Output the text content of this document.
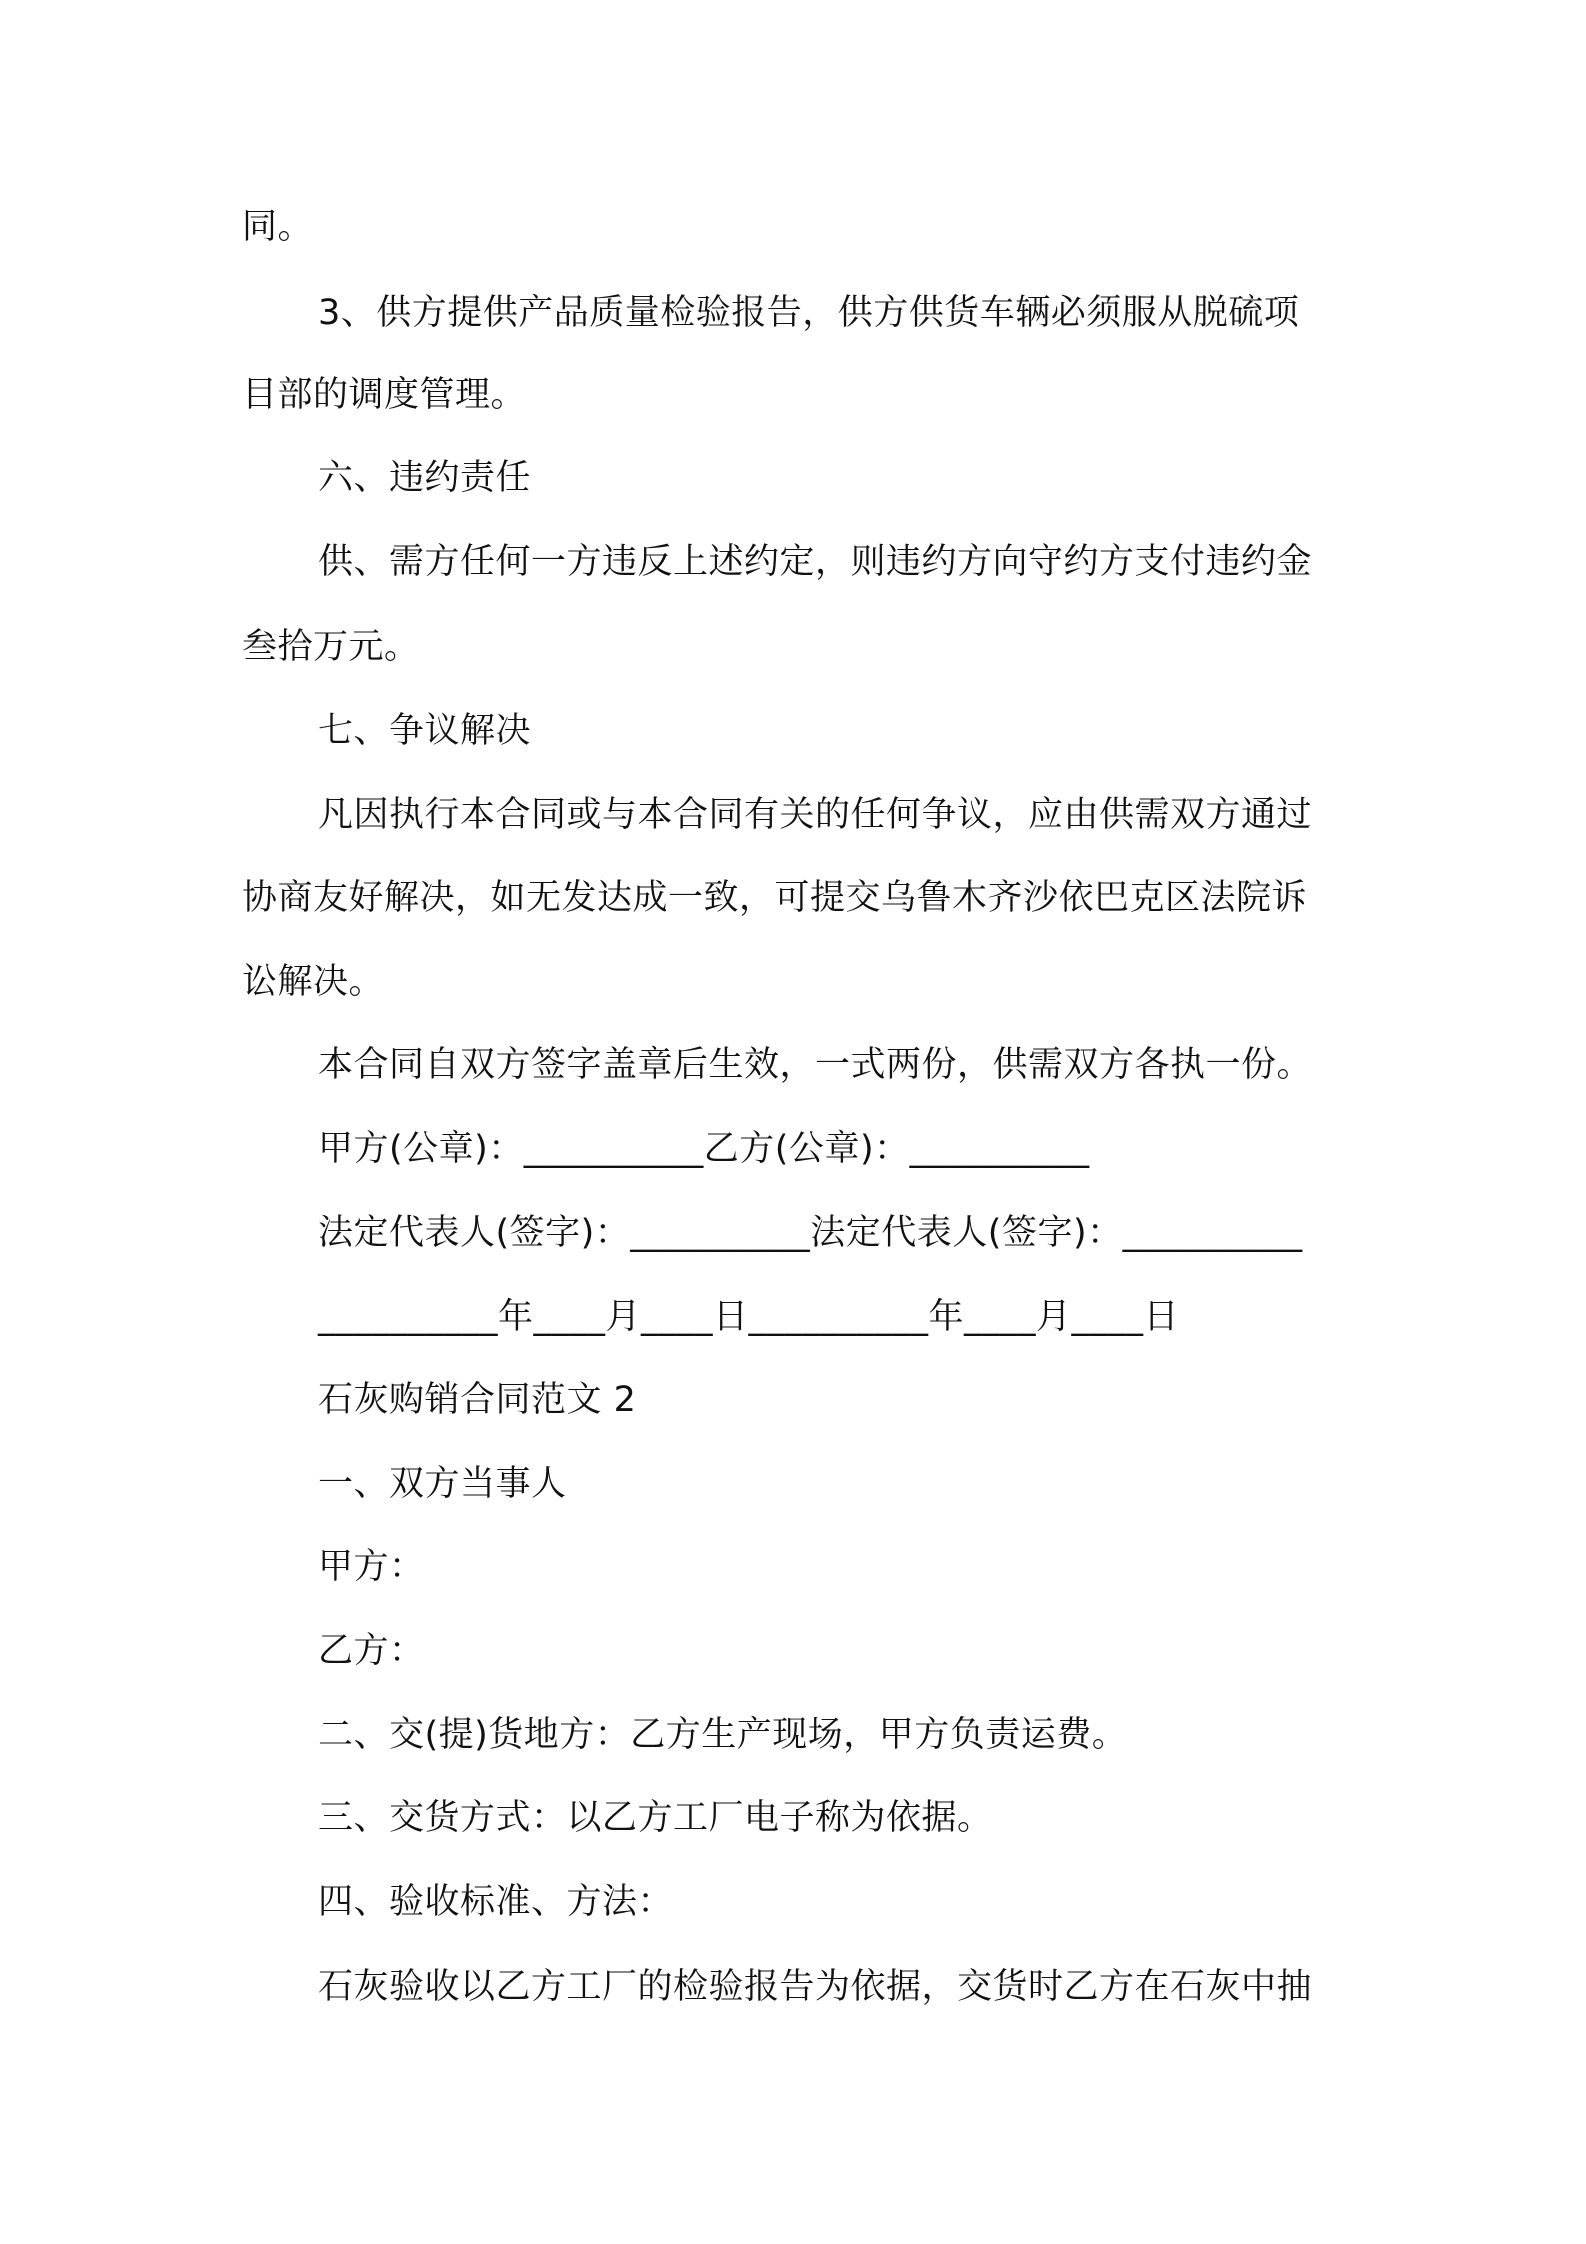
同。
3、供方提供产品质量检验报告，供方供货车辆必须服从脱硫项
目部的调度管理。
六、违约责任
供、需方任何一方违反上述约定，则违约方向守约方支付违约金
叁拾万元。
七、争议解决
凡因执行本合同或与本合同有关的任何争议，应由供需双方通过
协商友好解决，如无发达成一致，可提交乌鲁木齐沙依巴克区法院诉
讼解决。
本合同自双方签字盖章后生效，一式两份，供需双方各执一份。
甲方(公章)：__________乙方(公章)：__________
法定代表人(签字)：__________法定代表人(签字)：__________
__________年____月____日__________年____月____日
石灰购销合同范文 2
一、双方当事人
甲方：
乙方：
二、交(提)货地方：乙方生产现场，甲方负责运费。
三、交货方式：以乙方工厂电子称为依据。
四、验收标准、方法：
石灰验收以乙方工厂的检验报告为依据，交货时乙方在石灰中抽
